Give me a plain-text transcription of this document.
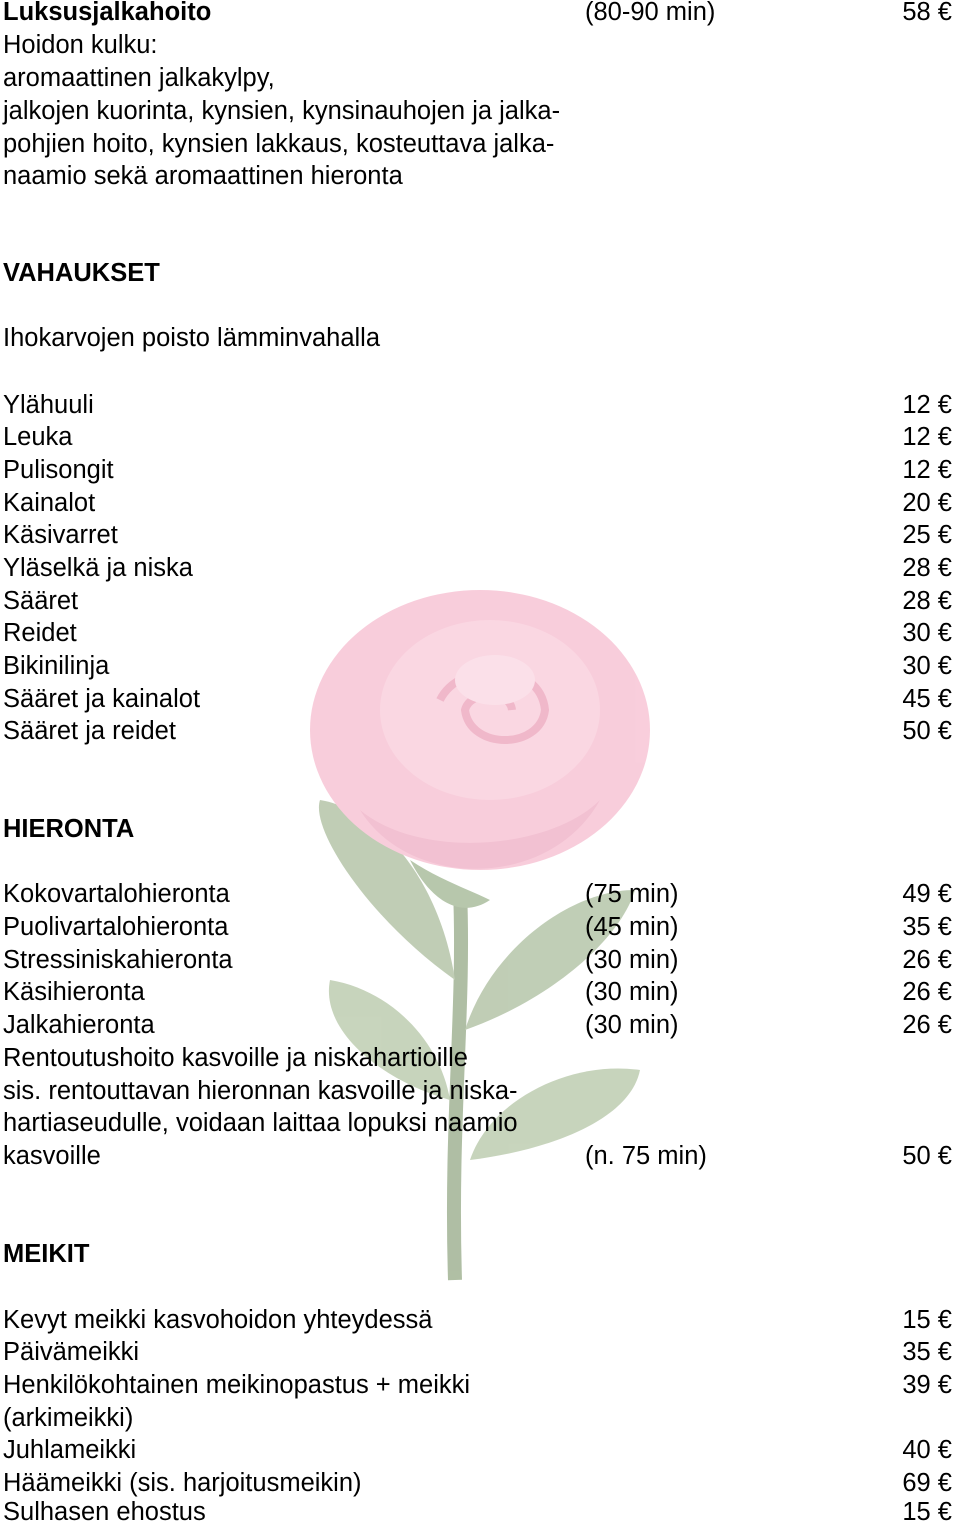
Luksusjalkahoito	(80-90 min)	58 €
Hoidon kulku:
aromaattinen jalkakylpy,
jalkojen kuorinta, kynsien, kynsinauhojen ja jalka-
pohjien hoito, kynsien lakkaus, kosteuttava jalka-
naamio sekä aromaattinen hieronta
VAHAUKSET
Ihokarvojen poisto lämminvahalla
Ylähuuli	12 €
Leuka	12 €
Pulisongit	12 €
Kainalot	20 €
Käsivarret	25 €
Yläselkä ja niska	28 €
Sääret	28 €
Reidet	30 €
Bikinilinja	30 €
Sääret ja kainalot	45 €
Sääret ja reidet	50 €
HIERONTA
Kokovartalohieronta	(75 min)	49 €
Puolivartalohieronta	(45 min)	35 €
Stressiniskahieronta	(30 min)	26 €
Käsihieronta	(30 min)	26 €
Jalkahieronta	(30 min)	26 €
Rentoutushoito kasvoille ja niskahartioille
sis. rentouttavan hieronnan kasvoille ja niska-
hartiaseudulle, voidaan laittaa lopuksi naamio
kasvoille	(n. 75 min)	50 €
MEIKIT
Kevyt meikki kasvohoidon yhteydessä	15 €
Päivämeikki	35 €
Henkilökohtainen meikinopastus + meikki	39 €
(arkimeikki)
Juhlameikki	40 €
Häämeikki (sis. harjoitusmeikin)	69 €
Sulhasen ehostus	15 €
